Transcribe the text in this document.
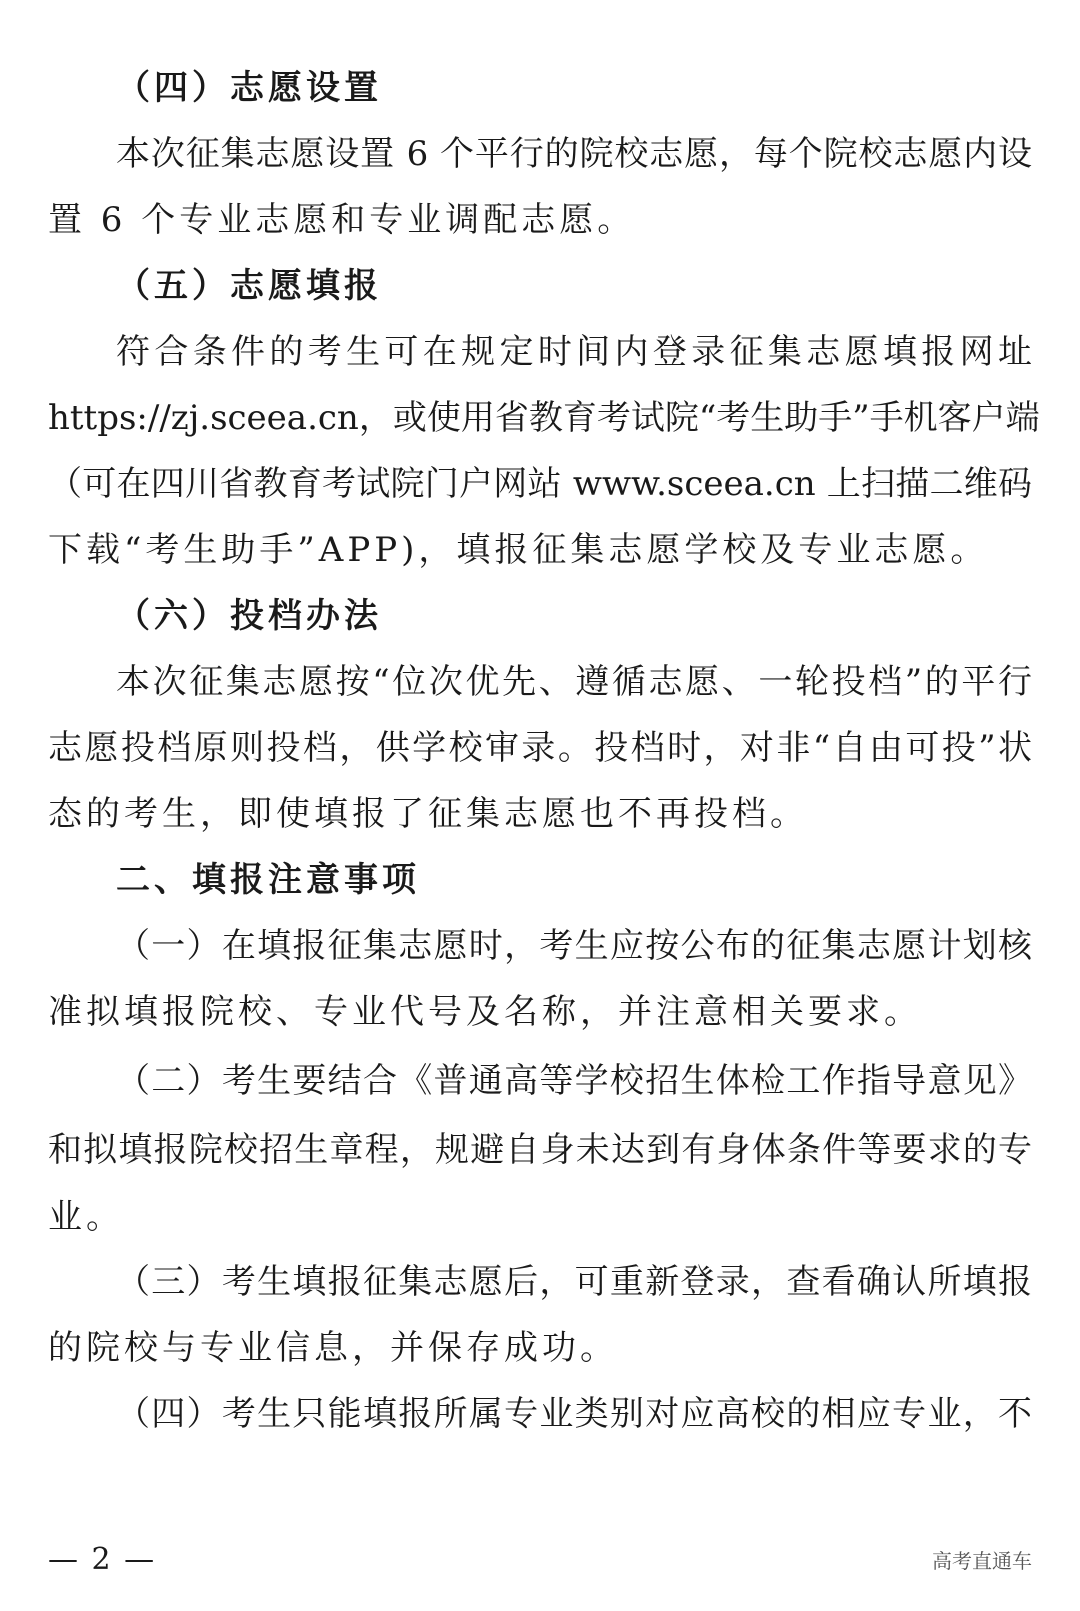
（四）志愿设置
本次征集志愿设置 6 个平行的院校志愿，每个院校志愿内设
置 6 个专业志愿和专业调配志愿。
（五）志愿填报
符合条件的考生可在规定时间内登录征集志愿填报网址
https://zj.sceea.cn，或使用省教育考试院“考生助手”手机客户端
（可在四川省教育考试院门户网站 www.sceea.cn 上扫描二维码
下载“考生助手”APP)，填报征集志愿学校及专业志愿。
（六）投档办法
本次征集志愿按“位次优先、遵循志愿、一轮投档”的平行
志愿投档原则投档，供学校审录。投档时，对非“自由可投”状
态的考生，即使填报了征集志愿也不再投档。
二、填报注意事项
（一）在填报征集志愿时，考生应按公布的征集志愿计划核
准拟填报院校、专业代号及名称，并注意相关要求。
（二）考生要结合《普通高等学校招生体检工作指导意见》
和拟填报院校招生章程，规避自身未达到有身体条件等要求的专
业。
（三）考生填报征集志愿后，可重新登录，查看确认所填报
的院校与专业信息，并保存成功。
（四）考生只能填报所属专业类别对应高校的相应专业，不
— 2 —	高考直通车
